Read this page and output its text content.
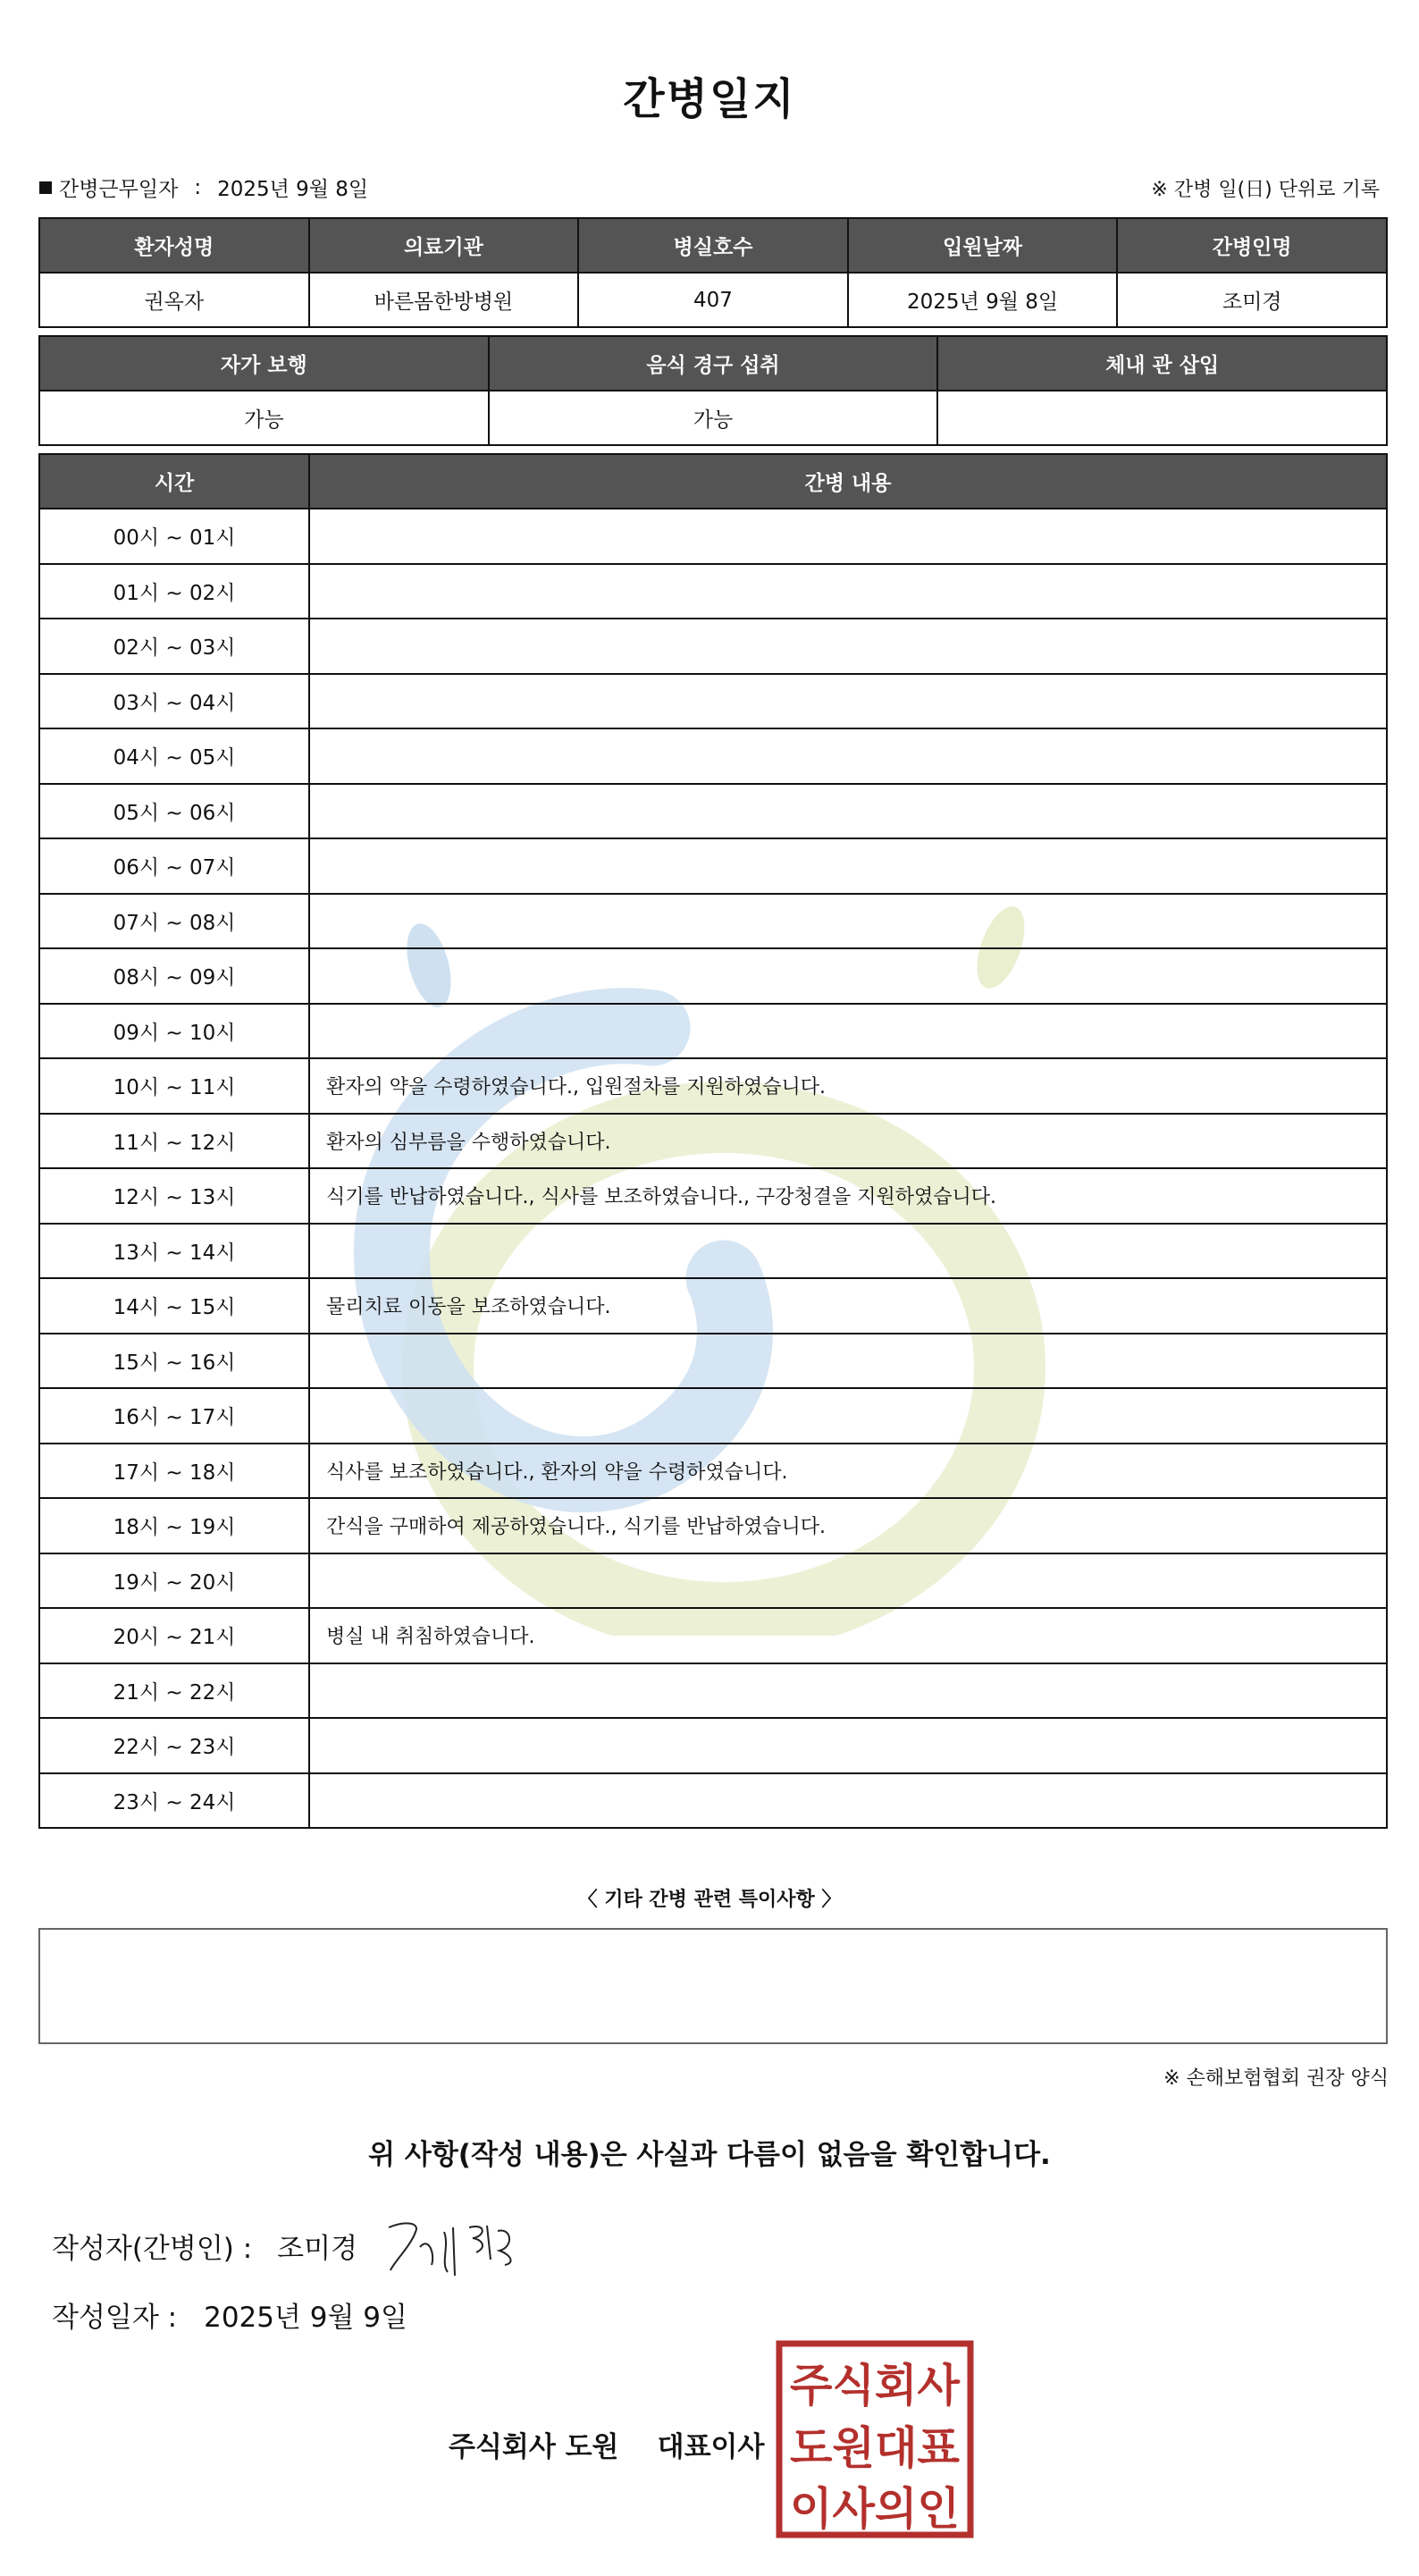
간병일지
간병근무일자 : 2025년 9월 8일	※ 간병 일(日) 단위로 기록
환자성명	의료기관	병실호수	입원날짜	간병인명
권옥자	바른몸한방병원	407	2025년 9월 8일	조미경
자가 보행	음식 경구 섭취	체내 관 삽입
가능	가능	
시간	간병 내용
00시 ~ 01시	
01시 ~ 02시	
02시 ~ 03시	
03시 ~ 04시	
04시 ~ 05시	
05시 ~ 06시	
06시 ~ 07시	
07시 ~ 08시	
08시 ~ 09시	
09시 ~ 10시	
10시 ~ 11시	환자의 약을 수령하였습니다., 입원절차를 지원하였습니다.
11시 ~ 12시	환자의 심부름을 수행하였습니다.
12시 ~ 13시	식기를 반납하였습니다., 식사를 보조하였습니다., 구강청결을 지원하였습니다.
13시 ~ 14시	
14시 ~ 15시	물리치료 이동을 보조하였습니다.
15시 ~ 16시	
16시 ~ 17시	
17시 ~ 18시	식사를 보조하였습니다., 환자의 약을 수령하였습니다.
18시 ~ 19시	간식을 구매하여 제공하였습니다., 식기를 반납하였습니다.
19시 ~ 20시	
20시 ~ 21시	병실 내 취침하였습니다.
21시 ~ 22시	
22시 ~ 23시	
23시 ~ 24시	
〈 기타 간병 관련 특이사항 〉
※ 손해보험협회 권장 양식
위 사항(작성 내용)은 사실과 다름이 없음을 확인합니다.
작성자(간병인) : 조미경
작성일자 : 2025년 9월 9일
주식회사 도원    대표이사
주식회사
도원대표
이사의인
